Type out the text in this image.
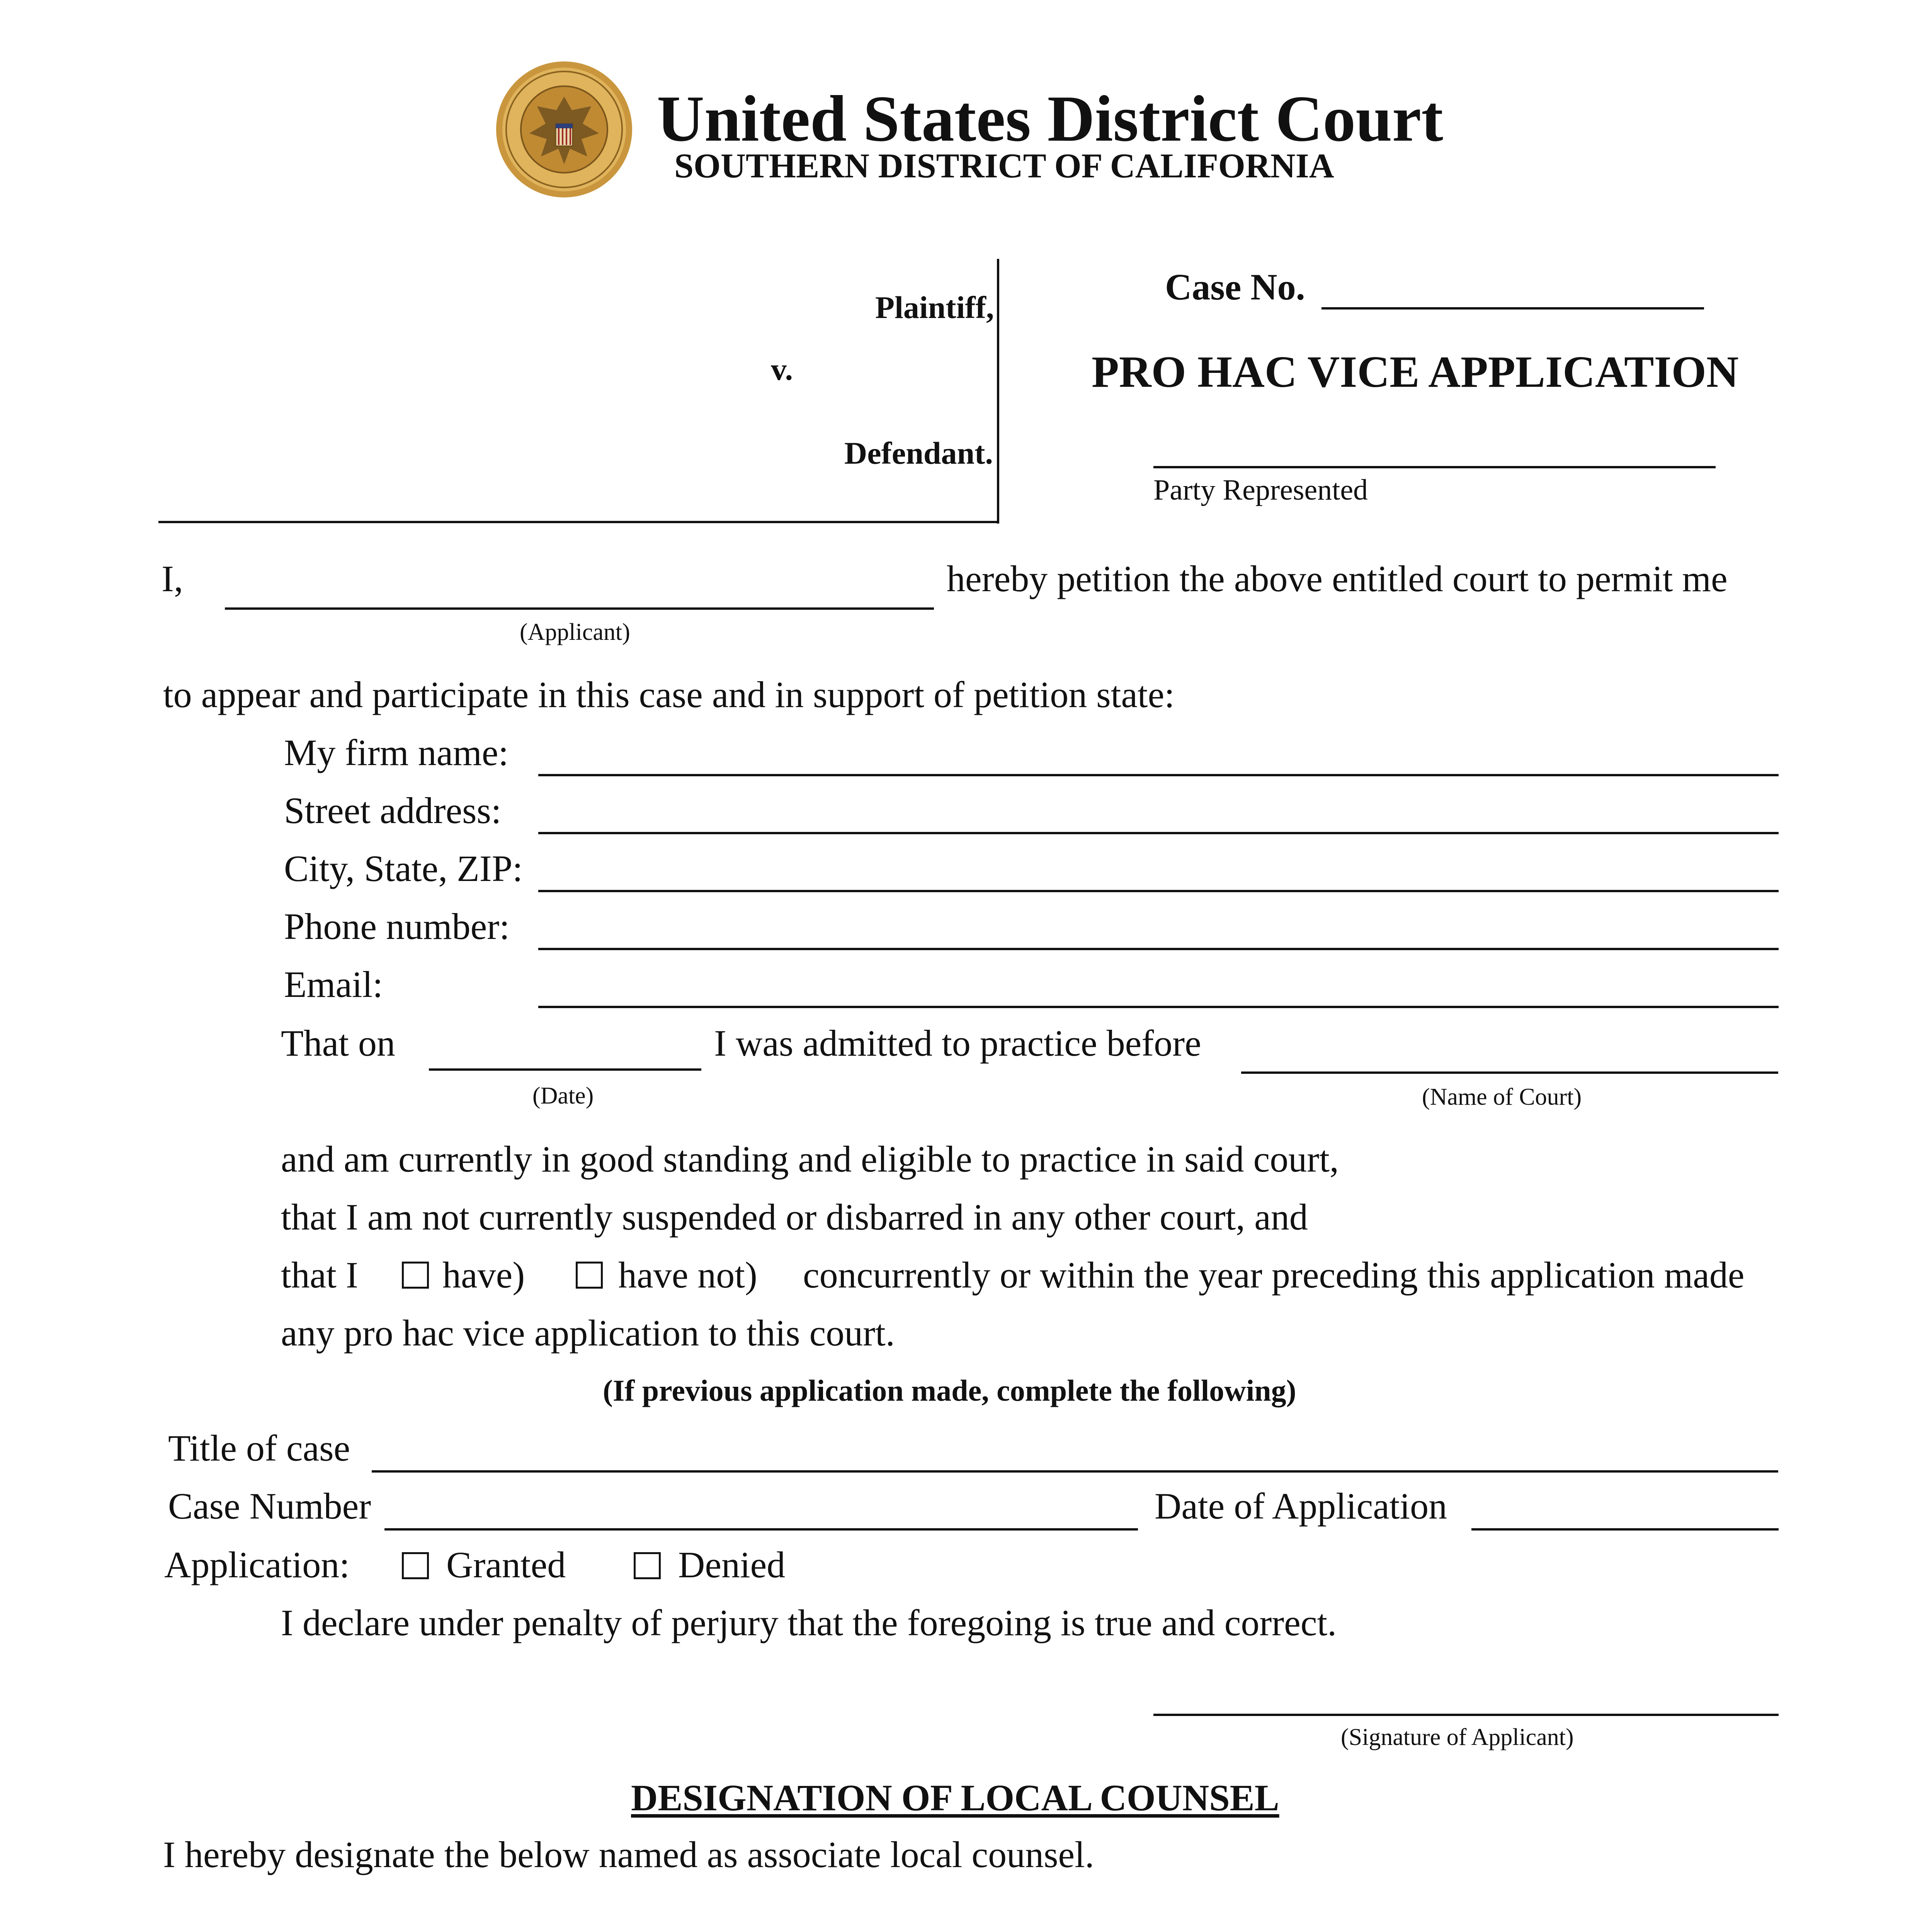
United States District Court
SOUTHERN DISTRICT OF CALIFORNIA
Plaintiff,
v.
Defendant.
Case No.
PRO HAC VICE APPLICATION
Party Represented
I,	hereby petition the above entitled court to permit me
(Applicant)
to appear and participate in this case and in support of petition state:
My firm name:
Street address:
City, State, ZIP:
Phone number:
Email:
That on	I was admitted to practice before
(Date)	(Name of Court)
and am currently in good standing and eligible to practice in said court,
that I am not currently suspended or disbarred in any other court, and
that I have)	have not) concurrently or within the year preceding this application made
any pro hac vice application to this court.
(If previous application made, complete the following)
Title of case
Case Number	Date of Application
Application:	Granted	Denied
I declare under penalty of perjury that the foregoing is true and correct.
(Signature of Applicant)
DESIGNATION OF LOCAL COUNSEL
I hereby designate the below named as associate local counsel.
